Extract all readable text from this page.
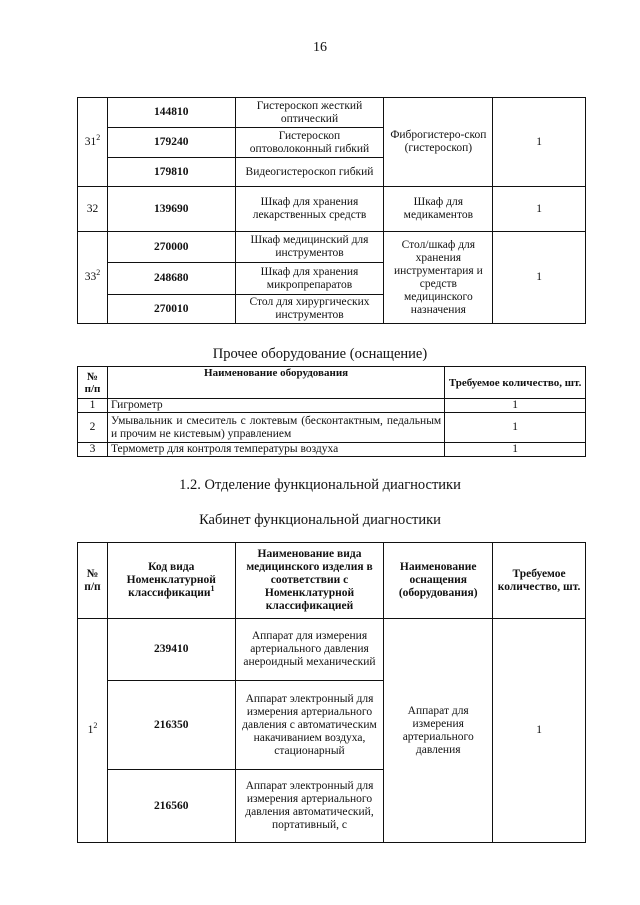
16
$31^2$	144810	Гистероскоп жесткий оптический	Фиброгистеро-скоп (гистероскоп)	1
	179240	Гистероскоп оптоволоконный гибкий		
	179810	Видеогистероскоп гибкий		
32	139690	Шкаф для хранения лекарственных средств	Шкаф для медикаментов	1
$33^2$	270000	Шкаф медицинский для инструментов	Стол/шкаф для хранения инструментария и средств медицинского назначения	1
	248680	Шкаф для хранения микропрепаратов		
	270010	Стол для хирургических инструментов		
Прочее оборудование (оснащение)
№ п/п	Наименование оборудования	Требуемое количество, шт.
1	Гигрометр	1
2	Умывальник и смеситель с локтевым (бесконтактным, педальным и прочим не кистевым) управлением	1
3	Термометр для контроля температуры воздуха	1
1.2. Отделение функциональной диагностики
Кабинет функциональной диагностики
№ п/п	Код вида Номенклатурной классификации$^1$	Наименование вида медицинского изделия в соответствии с Номенклатурной классификацией	Наименование оснащения (оборудования)	Требуемое количество, шт.
$1^2$	239410	Аппарат для измерения артериального давления анероидный механический	Аппарат для измерения артериального давления	1
	216350	Аппарат электронный для измерения артериального давления с автоматическим накачиванием воздуха, стационарный		
	216560	Аппарат электронный для измерения артериального давления автоматический, портативный, с		
